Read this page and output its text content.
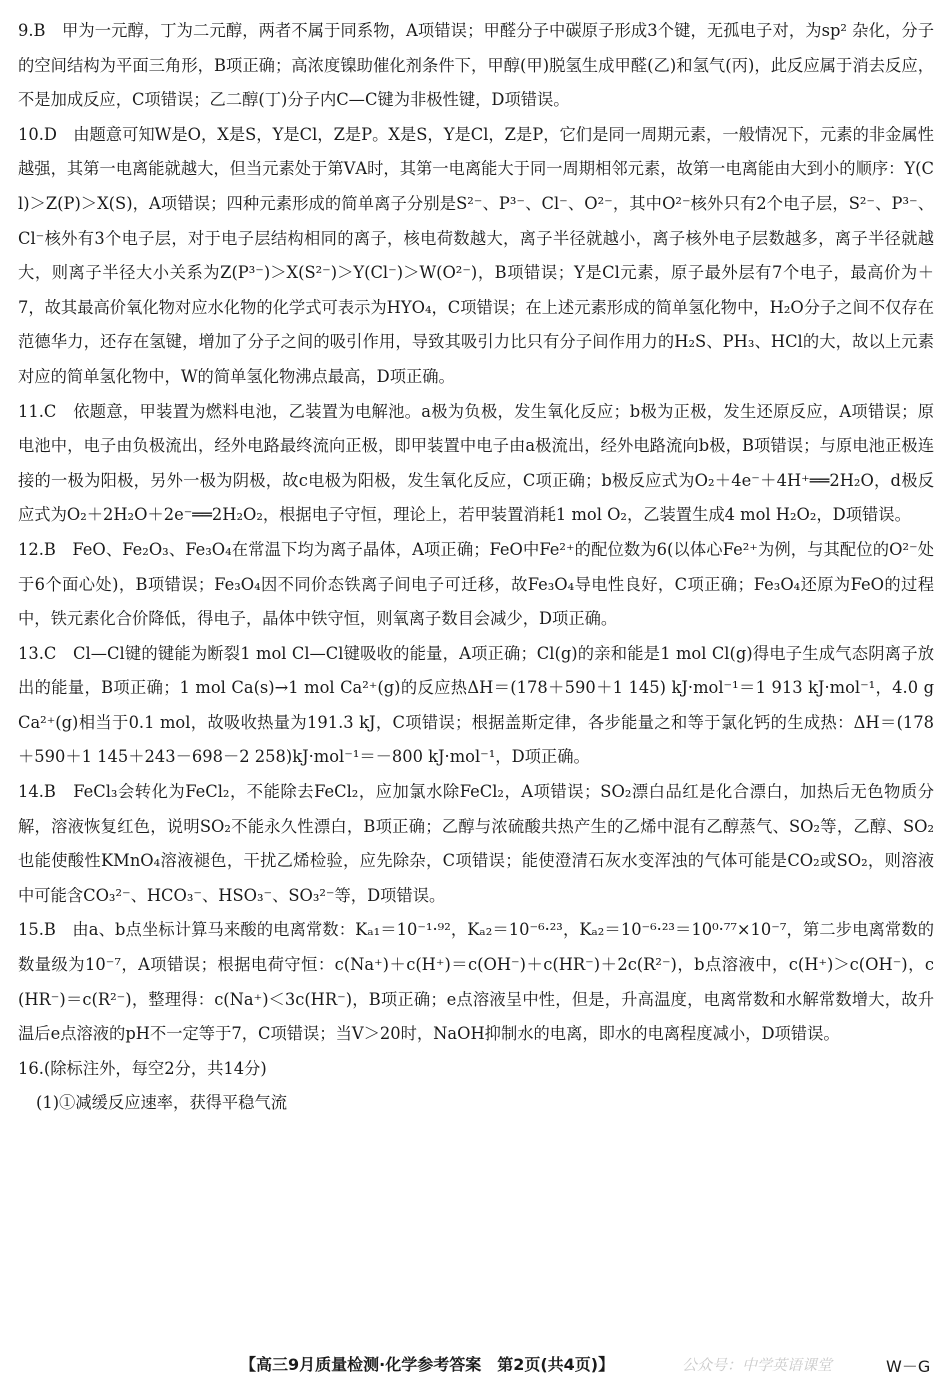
9.B　甲为一元醇，丁为二元醇，两者不属于同系物，A项错误；甲醛分子中碳原子形成3个键，无孤电子对，为sp² 杂化，分子的空间结构为平面三角形，B项正确；高浓度镍助催化剂条件下，甲醇(甲)脱氢生成甲醛(乙)和氢气(丙)，此反应属于消去反应，不是加成反应，C项错误；乙二醇(丁)分子内C—C键为非极性键，D项错误。

10.D　由题意可知W是O，X是S，Y是Cl，Z是P。X是S，Y是Cl，Z是P，它们是同一周期元素，一般情况下，元素的非金属性越强，其第一电离能就越大，但当元素处于第ⅤA时，其第一电离能大于同一周期相邻元素，故第一电离能由大到小的顺序：Y(Cl)＞Z(P)＞X(S)，A项错误；四种元素形成的简单离子分别是S²⁻、P³⁻、Cl⁻、O²⁻，其中O²⁻核外只有2个电子层，S²⁻、P³⁻、Cl⁻核外有3个电子层，对于电子层结构相同的离子，核电荷数越大，离子半径就越小，离子核外电子层数越多，离子半径就越大，则离子半径大小关系为Z(P³⁻)＞X(S²⁻)＞Y(Cl⁻)＞W(O²⁻)，B项错误；Y是Cl元素，原子最外层有7个电子，最高价为＋7，故其最高价氧化物对应水化物的化学式可表示为HYO₄，C项错误；在上述元素形成的简单氢化物中，H₂O分子之间不仅存在范德华力，还存在氢键，增加了分子之间的吸引作用，导致其吸引力比只有分子间作用力的H₂S、PH₃、HCl的大，故以上元素对应的简单氢化物中，W的简单氢化物沸点最高，D项正确。

11.C　依题意，甲装置为燃料电池，乙装置为电解池。a极为负极，发生氧化反应；b极为正极，发生还原反应，A项错误；原电池中，电子由负极流出，经外电路最终流向正极，即甲装置中电子由a极流出，经外电路流向b极，B项错误；与原电池正极连接的一极为阳极，另外一极为阴极，故c电极为阳极，发生氧化反应，C项正确；b极反应式为O₂＋4e⁻＋4H⁺══2H₂O，d极反应式为O₂＋2H₂O＋2e⁻══2H₂O₂，根据电子守恒，理论上，若甲装置消耗1 mol O₂，乙装置生成4 mol H₂O₂，D项错误。

12.B　FeO、Fe₂O₃、Fe₃O₄在常温下均为离子晶体，A项正确；FeO中Fe²⁺的配位数为6(以体心Fe²⁺为例，与其配位的O²⁻处于6个面心处)，B项错误；Fe₃O₄因不同价态铁离子间电子可迁移，故Fe₃O₄导电性良好，C项正确；Fe₃O₄还原为FeO的过程中，铁元素化合价降低，得电子，晶体中铁守恒，则氧离子数目会减少，D项正确。

13.C　Cl—Cl键的键能为断裂1 mol Cl—Cl键吸收的能量，A项正确；Cl(g)的亲和能是1 mol Cl(g)得电子生成气态阴离子放出的能量，B项正确；1 mol Ca(s)→1 mol Ca²⁺(g)的反应热ΔH＝(178＋590＋1 145) kJ·mol⁻¹＝1 913 kJ·mol⁻¹，4.0 g Ca²⁺(g)相当于0.1 mol，故吸收热量为191.3 kJ，C项错误；根据盖斯定律，各步能量之和等于氯化钙的生成热：ΔH＝(178＋590＋1 145＋243－698－2 258)kJ·mol⁻¹＝－800 kJ·mol⁻¹，D项正确。

14.B　FeCl₃会转化为FeCl₂，不能除去FeCl₂，应加氯水除FeCl₂，A项错误；SO₂漂白品红是化合漂白，加热后无色物质分解，溶液恢复红色，说明SO₂不能永久性漂白，B项正确；乙醇与浓硫酸共热产生的乙烯中混有乙醇蒸气、SO₂等，乙醇、SO₂也能使酸性KMnO₄溶液褪色，干扰乙烯检验，应先除杂，C项错误；能使澄清石灰水变浑浊的气体可能是CO₂或SO₂，则溶液中可能含CO₃²⁻、HCO₃⁻、HSO₃⁻、SO₃²⁻等，D项错误。

15.B　由a、b点坐标计算马来酸的电离常数：Kₐ₁＝10⁻¹·⁹²，Kₐ₂＝10⁻⁶·²³，Kₐ₂＝10⁻⁶·²³＝10⁰·⁷⁷×10⁻⁷，第二步电离常数的数量级为10⁻⁷，A项错误；根据电荷守恒：c(Na⁺)＋c(H⁺)＝c(OH⁻)＋c(HR⁻)＋2c(R²⁻)，b点溶液中，c(H⁺)＞c(OH⁻)，c(HR⁻)＝c(R²⁻)，整理得：c(Na⁺)＜3c(HR⁻)，B项正确；e点溶液呈中性，但是，升高温度，电离常数和水解常数增大，故升温后e点溶液的pH不一定等于7，C项错误；当V＞20时，NaOH抑制水的电离，即水的电离程度减小，D项错误。

16.(除标注外，每空2分，共14分)

(1)①减缓反应速率，获得平稳气流

【高三9月质量检测·化学参考答案　第2页(共4页)】	公众号：中学英语课堂	W－G
